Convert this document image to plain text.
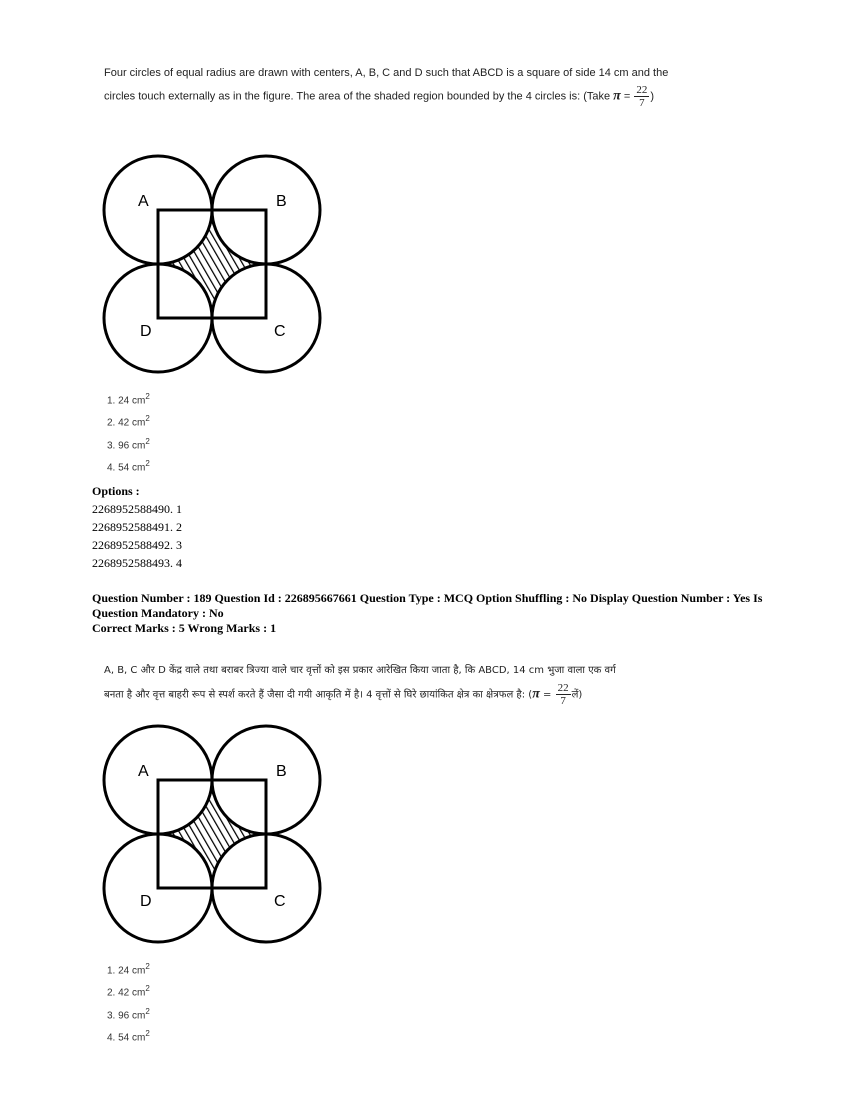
Four circles of equal radius are drawn with centers, A, B, C and D such that ABCD is a square of side 14 cm and the
circles touch externally as in the figure. The area of the shaded region bounded by the 4 circles is: (Take $\pi = \frac{22}{7}$ )
A	B
D	C
1. 24 $cm^2$
2. 42 $cm^2$
3. 96 $cm^2$
4. 54 $cm^2$
Options :
2268952588490. 1
2268952588491. 2
2268952588492. 3
2268952588493. 4
Question Number : 189 Question Id : 226895667661 Question Type : MCQ Option Shuffling : No Display Question Number : Yes Is
Question Mandatory : No
Correct Marks : 5 Wrong Marks : 1
A, B, C और D केंद्र वाले तथा बराबर त्रिज्या वाले चार वृत्तों को इस प्रकार आरेखित किया जाता है, कि ABCD, 14 cm भुजा वाला एक वर्ग
बनता है और वृत्त बाहरी रूप से स्पर्श करते हैं जैसा दी गयी आकृति में है। 4 वृत्तों से घिरे छायांकित क्षेत्र का क्षेत्रफल है: ($\pi = \frac{22}{7}$ लें)
A	B
D	C
1. 24 $cm^2$
2. 42 $cm^2$
3. 96 $cm^2$
4. 54 $cm^2$
